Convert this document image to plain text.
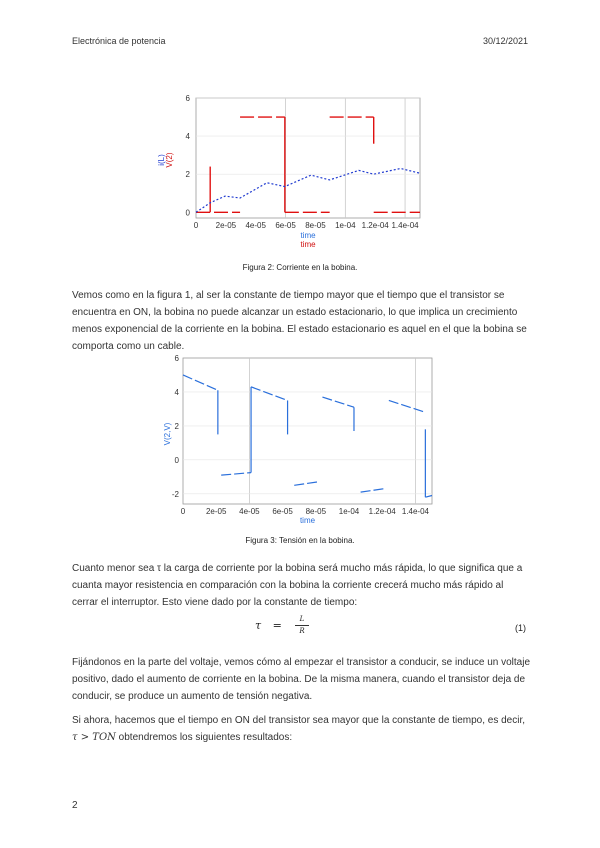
Electrónica de potencia	30/12/2021
6
4
2
0
0 2e-05 4e-05 6e-05 8e-05 1e-04 1.2e-04 1.4e-04
time
time
i(L) V(2)
Figura 2: Corriente en la bobina.

Vemos como en la figura 1, al ser la constante de tiempo mayor que el tiempo que el transistor se encuentra en ON, la bobina no puede alcanzar un estado estacionario, lo que implica un crecimiento menos exponencial de la corriente en la bobina. El estado estacionario es aquel en el que la bobina se comporta como un cable.

6
4
2
0
-2
0	2e-05 4e-05 6e-05 8e-05 1e-04 1.2e-04 1.4e-04
time
V(2,V)
Figura 3: Tensión en la bobina.

Cuanto menor sea τ la carga de corriente por la bobina será mucho más rápida, lo que significa que a cuanta mayor resistencia en comparación con la bobina la corriente crecerá mucho más rápido al cerrar el interruptor. Esto viene dado por la constante de tiempo:

τ =	L
R	(1)

Fijándonos en la parte del voltaje, vemos cómo al empezar el transistor a conducir, se induce un voltaje positivo, dado el aumento de corriente en la bobina. De la misma manera, cuando el transistor deja de conducir, se produce un aumento de tensión negativa.

Si ahora, hacemos que el tiempo en ON del transistor sea mayor que la constante de tiempo, es decir, τ > TON obtendremos los siguientes resultados:

2
